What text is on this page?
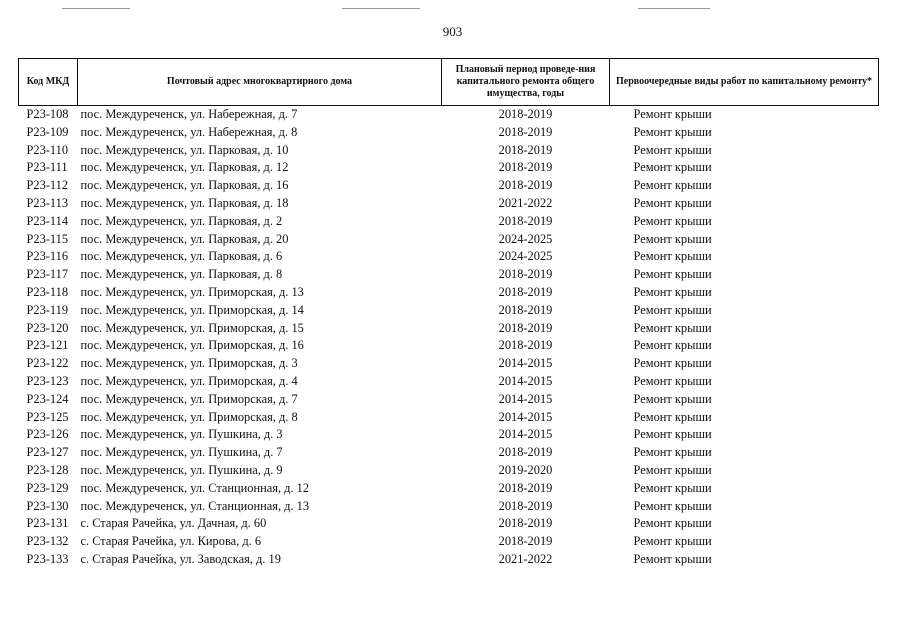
903
Код МКД	Почтовый адрес многоквартирного дома	Плановый период проведе-ния капитального ремонта общего имущества, годы	Первоочередные виды работ по капитальному ремонту*
Р23-108	пос. Междуреченск, ул. Набережная, д. 7	2018-2019	Ремонт крыши
Р23-109	пос. Междуреченск, ул. Набережная, д. 8	2018-2019	Ремонт крыши
Р23-110	пос. Междуреченск, ул. Парковая, д. 10	2018-2019	Ремонт крыши
Р23-111	пос. Междуреченск, ул. Парковая, д. 12	2018-2019	Ремонт крыши
Р23-112	пос. Междуреченск, ул. Парковая, д. 16	2018-2019	Ремонт крыши
Р23-113	пос. Междуреченск, ул. Парковая, д. 18	2021-2022	Ремонт крыши
Р23-114	пос. Междуреченск, ул. Парковая, д. 2	2018-2019	Ремонт крыши
Р23-115	пос. Междуреченск, ул. Парковая, д. 20	2024-2025	Ремонт крыши
Р23-116	пос. Междуреченск, ул. Парковая, д. 6	2024-2025	Ремонт крыши
Р23-117	пос. Междуреченск, ул. Парковая, д. 8	2018-2019	Ремонт крыши
Р23-118	пос. Междуреченск, ул. Приморская, д. 13	2018-2019	Ремонт крыши
Р23-119	пос. Междуреченск, ул. Приморская, д. 14	2018-2019	Ремонт крыши
Р23-120	пос. Междуреченск, ул. Приморская, д. 15	2018-2019	Ремонт крыши
Р23-121	пос. Междуреченск, ул. Приморская, д. 16	2018-2019	Ремонт крыши
Р23-122	пос. Междуреченск, ул. Приморская, д. 3	2014-2015	Ремонт крыши
Р23-123	пос. Междуреченск, ул. Приморская, д. 4	2014-2015	Ремонт крыши
Р23-124	пос. Междуреченск, ул. Приморская, д. 7	2014-2015	Ремонт крыши
Р23-125	пос. Междуреченск, ул. Приморская, д. 8	2014-2015	Ремонт крыши
Р23-126	пос. Междуреченск, ул. Пушкина, д. 3	2014-2015	Ремонт крыши
Р23-127	пос. Междуреченск, ул. Пушкина, д. 7	2018-2019	Ремонт крыши
Р23-128	пос. Междуреченск, ул. Пушкина, д. 9	2019-2020	Ремонт крыши
Р23-129	пос. Междуреченск, ул. Станционная, д. 12	2018-2019	Ремонт крыши
Р23-130	пос. Междуреченск, ул. Станционная, д. 13	2018-2019	Ремонт крыши
Р23-131	с. Старая Рачейка, ул. Дачная, д. 60	2018-2019	Ремонт крыши
Р23-132	с. Старая Рачейка, ул. Кирова, д. 6	2018-2019	Ремонт крыши
Р23-133	с. Старая Рачейка, ул. Заводская, д. 19	2021-2022	Ремонт крыши
